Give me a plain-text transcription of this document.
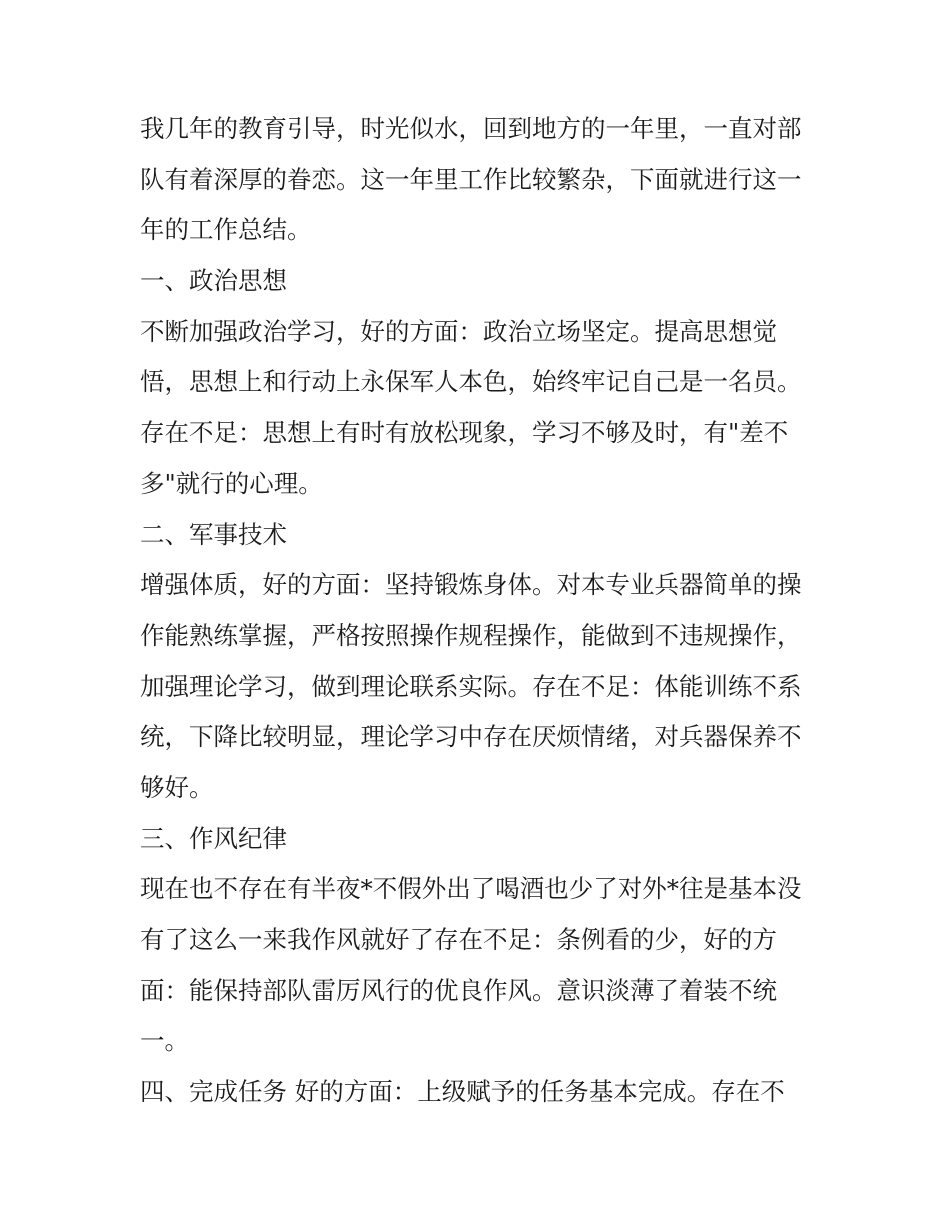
我几年的教育引导，时光似水，回到地方的一年里，一直对部
队有着深厚的眷恋。这一年里工作比较繁杂，下面就进行这一
年的工作总结。
一、政治思想
不断加强政治学习，好的方面：政治立场坚定。提高思想觉
悟，思想上和行动上永保军人本色，始终牢记自己是一名员。
存在不足：思想上有时有放松现象，学习不够及时，有"差不
多"就行的心理。
二、军事技术
增强体质，好的方面：坚持锻炼身体。对本专业兵器简单的操
作能熟练掌握，严格按照操作规程操作，能做到不违规操作，
加强理论学习，做到理论联系实际。存在不足：体能训练不系
统，下降比较明显，理论学习中存在厌烦情绪，对兵器保养不
够好。
三、作风纪律
现在也不存在有半夜*不假外出了喝酒也少了对外*往是基本没
有了这么一来我作风就好了存在不足：条例看的少，好的方
面：能保持部队雷厉风行的优良作风。意识淡薄了着装不统
一。
四、完成任务 好的方面：上级赋予的任务基本完成。存在不
